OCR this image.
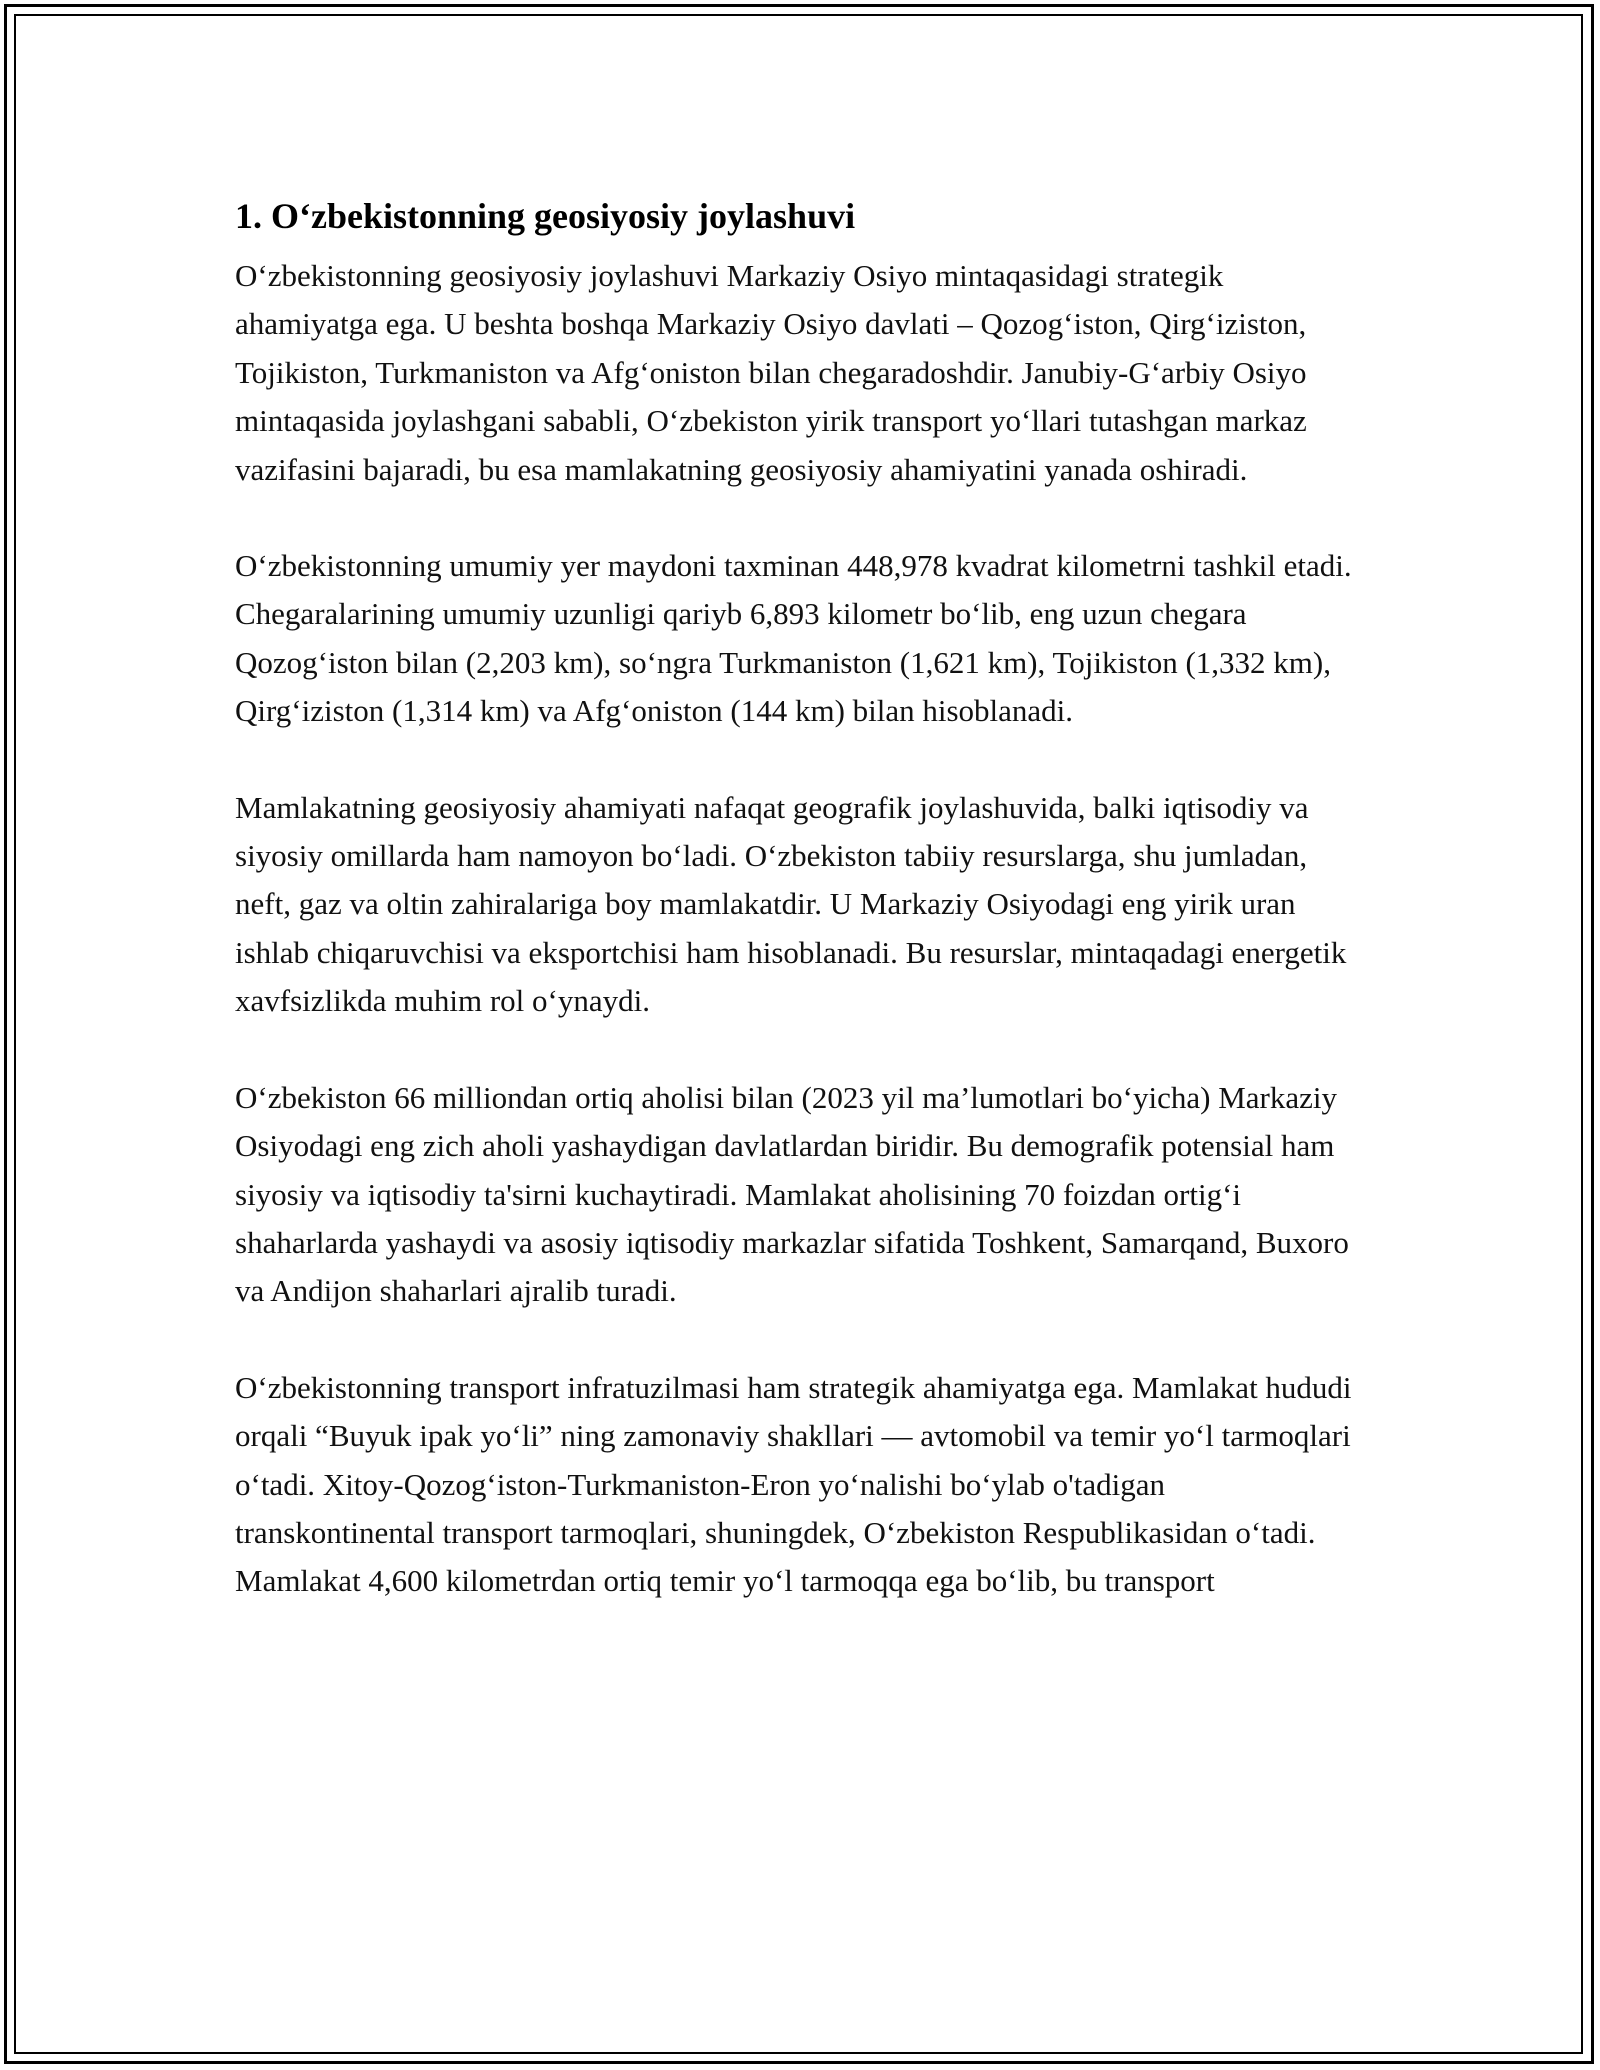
1. O‘zbekistonning geosiyosiy joylashuvi

O‘zbekistonning geosiyosiy joylashuvi Markaziy Osiyo mintaqasidagi strategik ahamiyatga ega. U beshta boshqa Markaziy Osiyo davlati – Qozog‘iston, Qirg‘iziston, Tojikiston, Turkmaniston va Afg‘oniston bilan chegaradoshdir. Janubiy-G‘arbiy Osiyo mintaqasida joylashgani sababli, O‘zbekiston yirik transport yo‘llari tutashgan markaz vazifasini bajaradi, bu esa mamlakatning geosiyosiy ahamiyatini yanada oshiradi.

O‘zbekistonning umumiy yer maydoni taxminan 448,978 kvadrat kilometrni tashkil etadi. Chegaralarining umumiy uzunligi qariyb 6,893 kilometr bo‘lib, eng uzun chegara Qozog‘iston bilan (2,203 km), so‘ngra Turkmaniston (1,621 km), Tojikiston (1,332 km), Qirg‘iziston (1,314 km) va Afg‘oniston (144 km) bilan hisoblanadi.

Mamlakatning geosiyosiy ahamiyati nafaqat geografik joylashuvida, balki iqtisodiy va siyosiy omillarda ham namoyon bo‘ladi. O‘zbekiston tabiiy resurslarga, shu jumladan, neft, gaz va oltin zahiralariga boy mamlakatdir. U Markaziy Osiyodagi eng yirik uran ishlab chiqaruvchisi va eksportchisi ham hisoblanadi. Bu resurslar, mintaqadagi energetik xavfsizlikda muhim rol o‘ynaydi.

O‘zbekiston 66 milliondan ortiq aholisi bilan (2023 yil ma’lumotlari bo‘yicha) Markaziy Osiyodagi eng zich aholi yashaydigan davlatlardan biridir. Bu demografik potensial ham siyosiy va iqtisodiy ta'sirni kuchaytiradi. Mamlakat aholisining 70 foizdan ortig‘i shaharlarda yashaydi va asosiy iqtisodiy markazlar sifatida Toshkent, Samarqand, Buxoro va Andijon shaharlari ajralib turadi.

O‘zbekistonning transport infratuzilmasi ham strategik ahamiyatga ega. Mamlakat hududi orqali “Buyuk ipak yo‘li” ning zamonaviy shakllari — avtomobil va temir yo‘l tarmoqlari o‘tadi. Xitoy-Qozog‘iston-Turkmaniston-Eron yo‘nalishi bo‘ylab o'tadigan transkontinental transport tarmoqlari, shuningdek, O‘zbekiston Respublikasidan o‘tadi. Mamlakat 4,600 kilometrdan ortiq temir yo‘l tarmoqqa ega bo‘lib, bu transport
